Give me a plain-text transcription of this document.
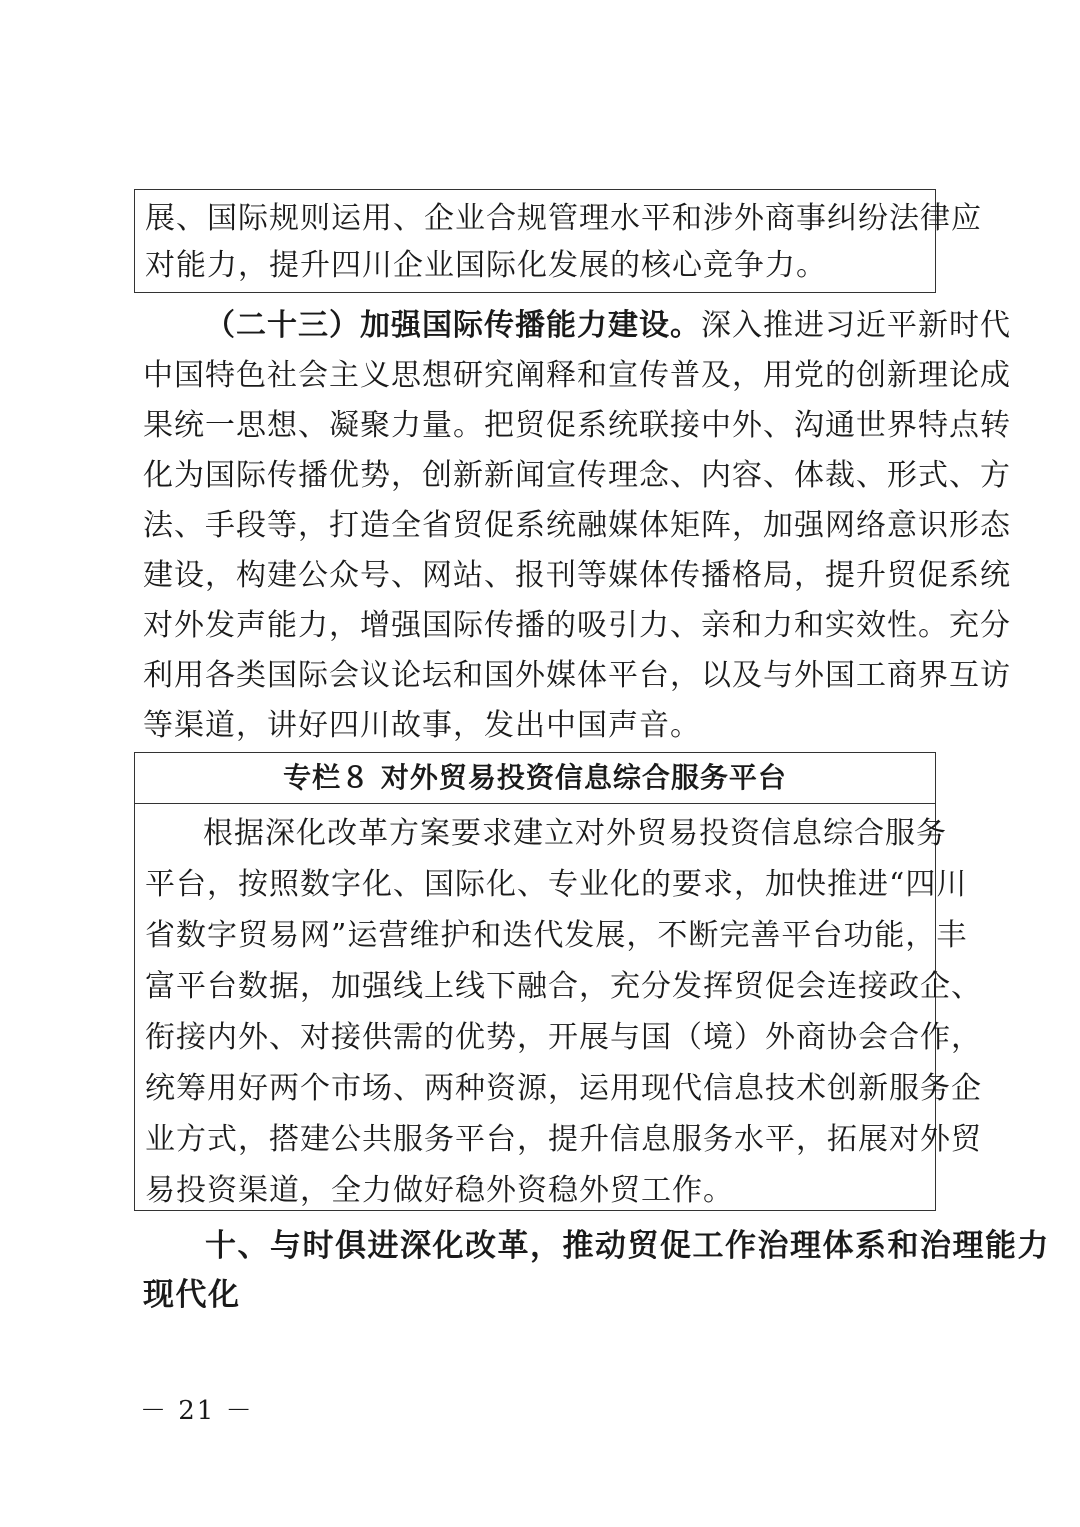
展、国际规则运用、企业合规管理水平和涉外商事纠纷法律应
对能力，提升四川企业国际化发展的核心竞争力。
（二十三）加强国际传播能力建设。深入推进习近平新时代
中国特色社会主义思想研究阐释和宣传普及，用党的创新理论成
果统一思想、凝聚力量。把贸促系统联接中外、沟通世界特点转
化为国际传播优势，创新新闻宣传理念、内容、体裁、形式、方
法、手段等，打造全省贸促系统融媒体矩阵，加强网络意识形态
建设，构建公众号、网站、报刊等媒体传播格局，提升贸促系统
对外发声能力，增强国际传播的吸引力、亲和力和实效性。充分
利用各类国际会议论坛和国外媒体平台，以及与外国工商界互访
等渠道，讲好四川故事，发出中国声音。
专栏８ 对外贸易投资信息综合服务平台
根据深化改革方案要求建立对外贸易投资信息综合服务
平台，按照数字化、国际化、专业化的要求，加快推进“四川
省数字贸易网”运营维护和迭代发展，不断完善平台功能，丰
富平台数据，加强线上线下融合，充分发挥贸促会连接政企、
衔接内外、对接供需的优势，开展与国（境）外商协会合作，
统筹用好两个市场、两种资源，运用现代信息技术创新服务企
业方式，搭建公共服务平台，提升信息服务水平，拓展对外贸
易投资渠道，全力做好稳外资稳外贸工作。
十、与时俱进深化改革，推动贸促工作治理体系和治理能力
现代化
－ 21 －
